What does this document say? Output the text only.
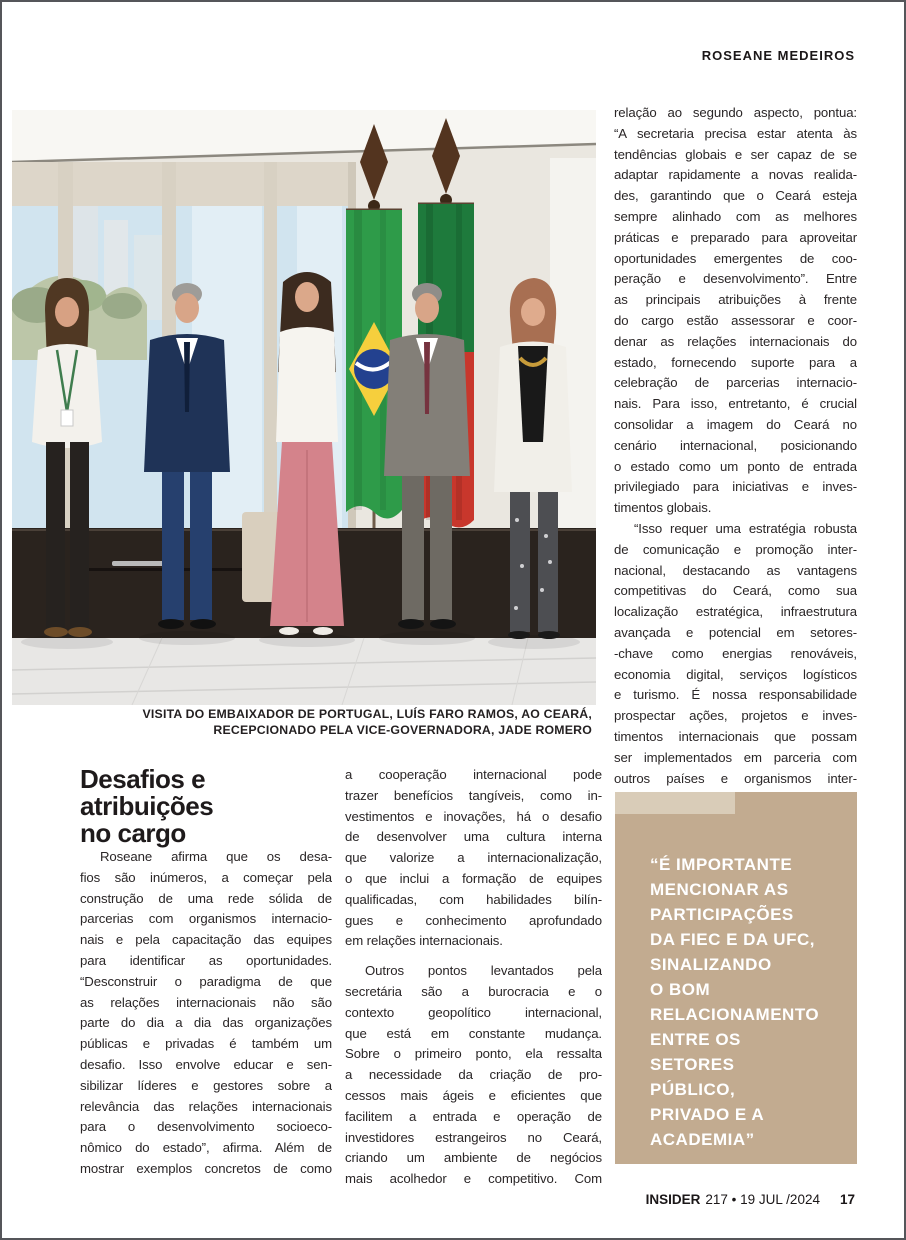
ROSEANE MEDEIROS
VISITA DO EMBAIXADOR DE PORTUGAL, LUÍS FARO RAMOS, AO CEARÁ,
RECEPCIONADO PELA VICE-GOVERNADORA, JADE ROMERO
relação ao segundo aspecto, pontua:
“A secretaria precisa estar atenta às
tendências globais e ser capaz de se
adaptar rapidamente a novas realida-
des, garantindo que o Ceará esteja
sempre alinhado com as melhores
práticas e preparado para aproveitar
oportunidades emergentes de coo-
peração e desenvolvimento”. Entre
as principais atribuições à frente
do cargo estão assessorar e coor-
denar as relações internacionais do
estado, fornecendo suporte para a
celebração de parcerias internacio-
nais. Para isso, entretanto, é crucial
consolidar a imagem do Ceará no
cenário internacional, posicionando
o estado como um ponto de entrada
privilegiado para iniciativas e inves-
timentos globais.
“Isso requer uma estratégia robusta
de comunicação e promoção inter-
nacional, destacando as vantagens
competitivas do Ceará, como sua
localização estratégica, infraestrutura
avançada e potencial em setores-
-chave como energias renováveis,
economia digital, serviços logísticos
e turismo. É nossa responsabilidade
prospectar ações, projetos e inves-
timentos internacionais que possam
ser implementados em parceria com
outros países e organismos inter-
Desafios e
atribuições
no cargo
Roseane afirma que os desa-
fios são inúmeros, a começar pela
construção de uma rede sólida de
parcerias com organismos internacio-
nais e pela capacitação das equipes
para identificar as oportunidades.
“Desconstruir o paradigma de que
as relações internacionais não são
parte do dia a dia das organizações
públicas e privadas é também um
desafio. Isso envolve educar e sen-
sibilizar líderes e gestores sobre a
relevância das relações internacionais
para o desenvolvimento socioeco-
nômico do estado”, afirma. Além de
mostrar exemplos concretos de como
a cooperação internacional pode
trazer benefícios tangíveis, como in-
vestimentos e inovações, há o desafio
de desenvolver uma cultura interna
que valorize a internacionalização,
o que inclui a formação de equipes
qualificadas, com habilidades bilín-
gues e conhecimento aprofundado
em relações internacionais.
Outros pontos levantados pela
secretária são a burocracia e o
contexto geopolítico internacional,
que está em constante mudança.
Sobre o primeiro ponto, ela ressalta
a necessidade da criação de pro-
cessos mais ágeis e eficientes que
facilitem a entrada e operação de
investidores estrangeiros no Ceará,
criando um ambiente de negócios
mais acolhedor e competitivo. Com
“É IMPORTANTE
MENCIONAR AS
PARTICIPAÇÕES
DA FIEC E DA UFC,
SINALIZANDO
O BOM
RELACIONAMENTO
ENTRE OS
SETORES
PÚBLICO,
PRIVADO E A
ACADEMIA”
INSIDER 217 • 19 JUL /2024 17
